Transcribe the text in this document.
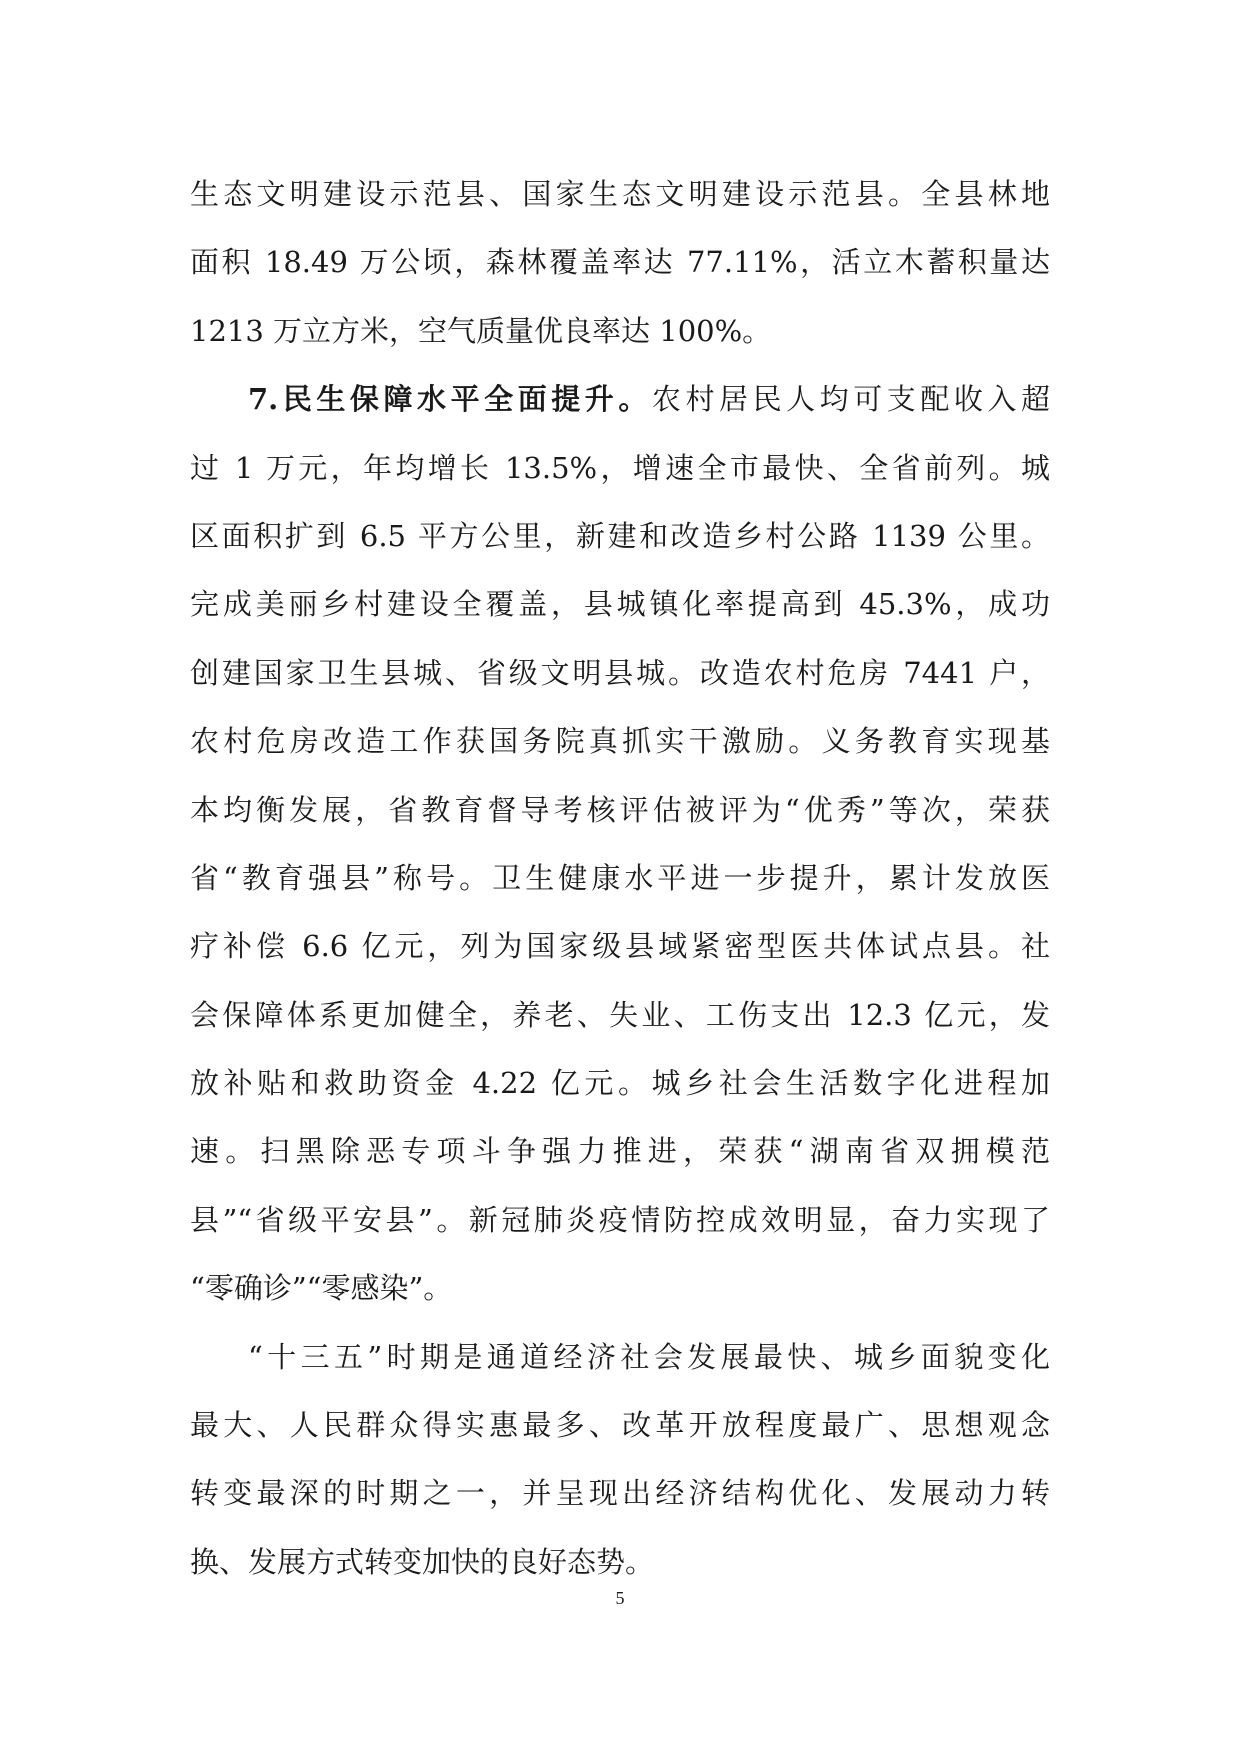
生态文明建设示范县、国家生态文明建设示范县。全县林地
面积 18.49 万公顷，森林覆盖率达 77.11%，活立木蓄积量达
1213 万立方米，空气质量优良率达 100%。
7.民生保障水平全面提升。农村居民人均可支配收入超
过 1 万元，年均增长 13.5%，增速全市最快、全省前列。城
区面积扩到 6.5 平方公里，新建和改造乡村公路 1139 公里。
完成美丽乡村建设全覆盖，县城镇化率提高到 45.3%，成功
创建国家卫生县城、省级文明县城。改造农村危房 7441 户，
农村危房改造工作获国务院真抓实干激励。义务教育实现基
本均衡发展，省教育督导考核评估被评为“优秀”等次，荣获
省“教育强县”称号。卫生健康水平进一步提升，累计发放医
疗补偿 6.6 亿元，列为国家级县域紧密型医共体试点县。社
会保障体系更加健全，养老、失业、工伤支出 12.3 亿元，发
放补贴和救助资金 4.22 亿元。城乡社会生活数字化进程加
速。扫黑除恶专项斗争强力推进，荣获“湖南省双拥模范
县”“省级平安县”。新冠肺炎疫情防控成效明显，奋力实现了
“零确诊”“零感染”。
“十三五”时期是通道经济社会发展最快、城乡面貌变化
最大、人民群众得实惠最多、改革开放程度最广、思想观念
转变最深的时期之一，并呈现出经济结构优化、发展动力转
换、发展方式转变加快的良好态势。
5
